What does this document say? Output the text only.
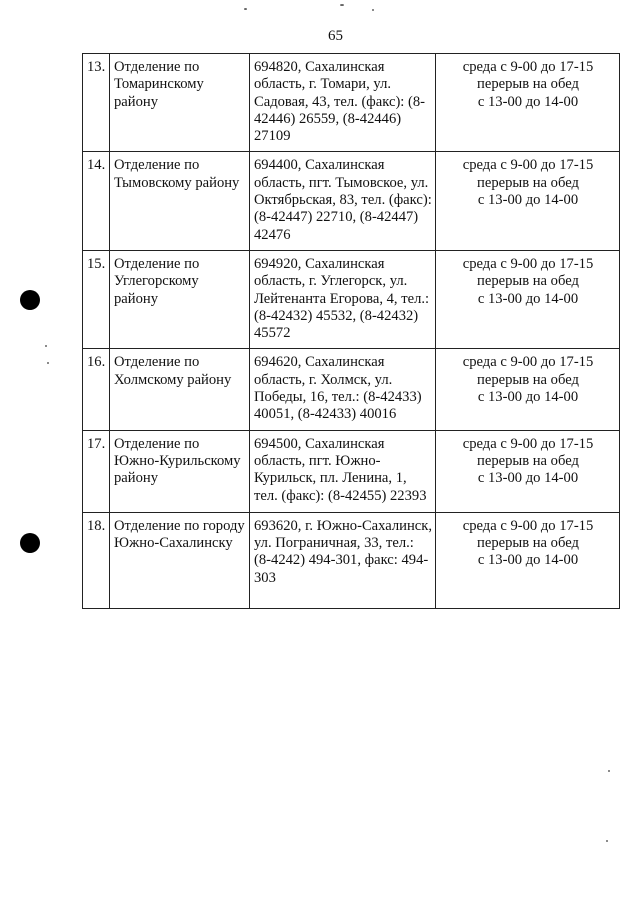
65
13.	Отделение по Томаринскому району	694820, Сахалинская область, г. Томари, ул. Садовая, 43, тел. (факс): (8-42446) 26559, (8-42446) 27109	среда с 9-00 до 17-15
перерыв на обед
с 13-00 до 14-00

14.	Отделение по Тымовскому району	694400, Сахалинская область, пгт. Тымовское, ул. Октябрьская, 83, тел. (факс): (8-42447) 22710, (8-42447) 42476	среда с 9-00 до 17-15
перерыв на обед
с 13-00 до 14-00

15.	Отделение по Углегорскому району	694920, Сахалинская область, г. Углегорск, ул. Лейтенанта Егорова, 4, тел.: (8-42432) 45532, (8-42432) 45572	среда с 9-00 до 17-15
перерыв на обед
с 13-00 до 14-00

16.	Отделение по Холмскому району	694620, Сахалинская область, г. Холмск, ул. Победы, 16, тел.: (8-42433) 40051, (8-42433) 40016	среда с 9-00 до 17-15
перерыв на обед
с 13-00 до 14-00

17.	Отделение по Южно-Курильскому району	694500, Сахалинская область, пгт. Южно-Курильск, пл. Ленина, 1, тел. (факс): (8-42455) 22393	среда с 9-00 до 17-15
перерыв на обед
с 13-00 до 14-00

18.	Отделение по городу Южно-Сахалинску	693620, г. Южно-Сахалинск, ул. Пограничная, 33, тел.: (8-4242) 494-301, факс: 494-303	среда с 9-00 до 17-15
перерыв на обед
с 13-00 до 14-00
